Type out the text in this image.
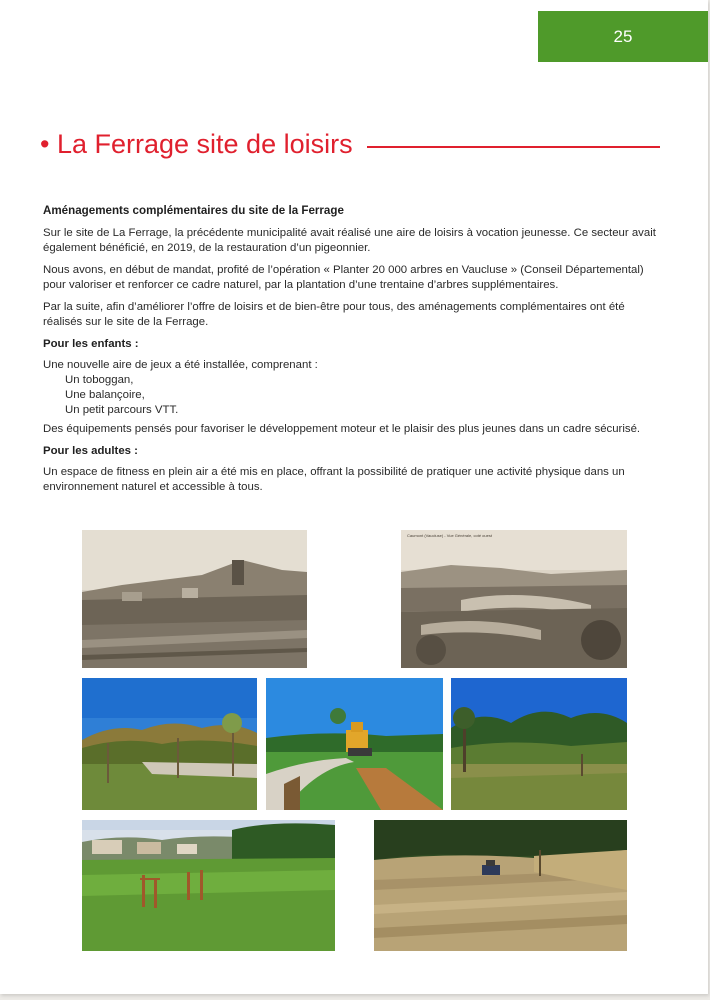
25
• La Ferrage site de loisirs
Aménagements complémentaires du site de la Ferrage

Sur le site de La Ferrage, la précédente municipalité avait réalisé une aire de loisirs à vocation jeunesse. Ce secteur avait également bénéficié, en 2019, de la restauration d’un pigeonnier.

Nous avons, en début de mandat, profité de l’opération « Planter 20 000 arbres en Vaucluse » (Conseil Départemental) pour valoriser et renforcer ce cadre naturel, par la plantation d’une trentaine d’arbres supplémentaires.

Par la suite, afin d’améliorer l’offre de loisirs et de bien-être pour tous, des aménagements complémentaires ont été réalisés sur le site de la Ferrage.

Pour les enfants :

Une nouvelle aire de jeux a été installée, comprenant :

Un toboggan,
Une balançoire,
Un petit parcours VTT.

Des équipements pensés pour favoriser le développement moteur et le plaisir des plus jeunes dans un cadre sécurisé.

Pour les adultes :

Un espace de fitness en plein air a été mis en place, offrant la possibilité de pratiquer une activité physique dans un environnement naturel et accessible à tous.

Caumont (Vaucluse) - Vue Générale, coté ouest
